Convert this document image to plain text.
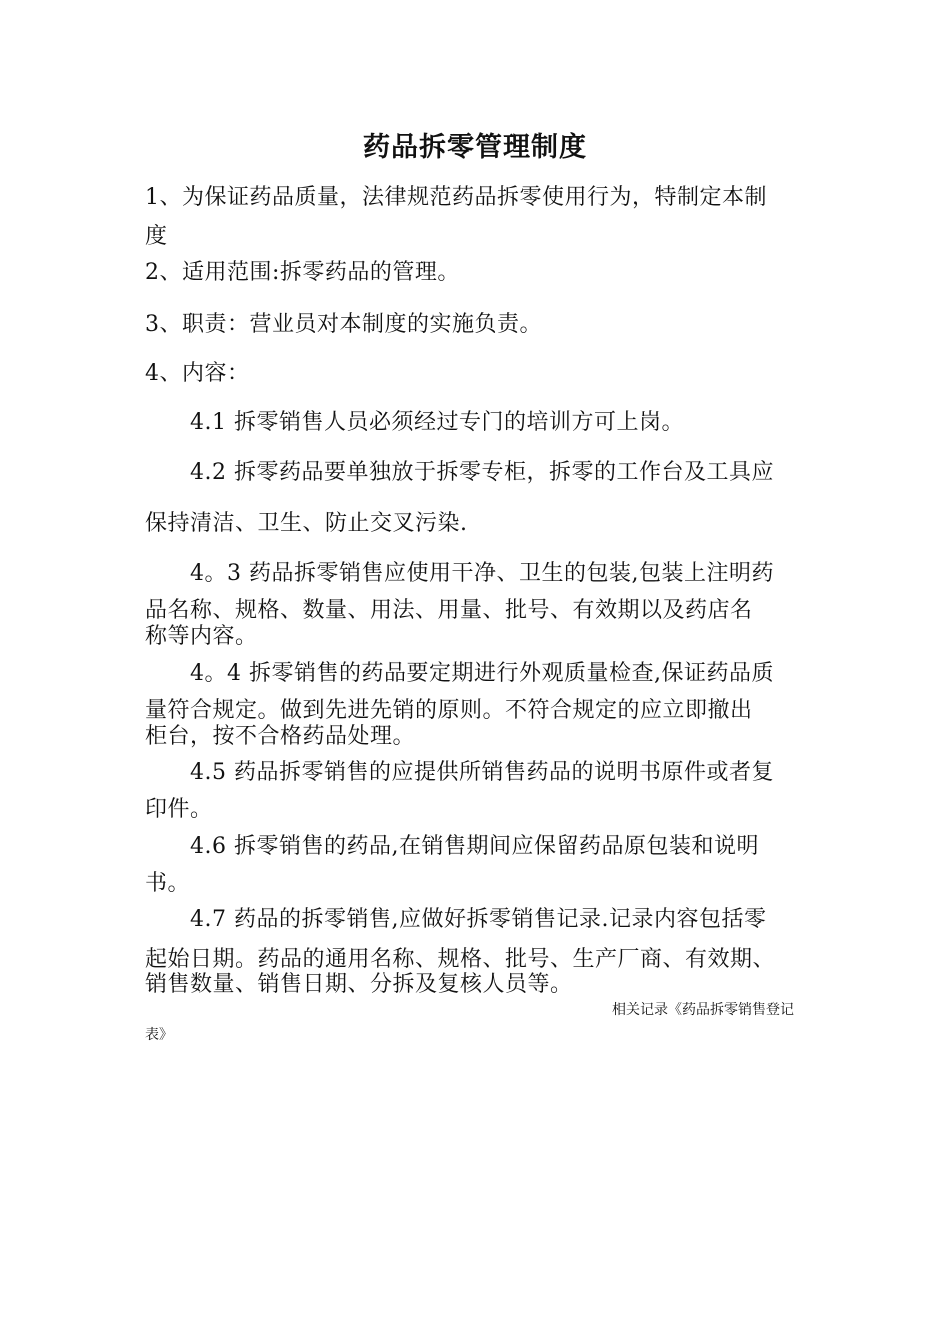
药品拆零管理制度
1、为保证药品质量，法律规范药品拆零使用行为，特制定本制
度
2、适用范围:拆零药品的管理。
3、职责：营业员对本制度的实施负责。
4、内容：
4.1 拆零销售人员必须经过专门的培训方可上岗。
4.2 拆零药品要单独放于拆零专柜，拆零的工作台及工具应
保持清洁、卫生、防止交叉污染.
4。3 药品拆零销售应使用干净、卫生的包装,包装上注明药
品名称、规格、数量、用法、用量、批号、有效期以及药店名
称等内容。
4。4 拆零销售的药品要定期进行外观质量检查,保证药品质
量符合规定。做到先进先销的原则。不符合规定的应立即撤出
柜台，按不合格药品处理。
4.5 药品拆零销售的应提供所销售药品的说明书原件或者复
印件。
4.6 拆零销售的药品,在销售期间应保留药品原包装和说明
书。
4.7 药品的拆零销售,应做好拆零销售记录.记录内容包括零
起始日期。药品的通用名称、规格、批号、生产厂商、有效期、
销售数量、销售日期、分拆及复核人员等。
相关记录《药品拆零销售登记
表》
